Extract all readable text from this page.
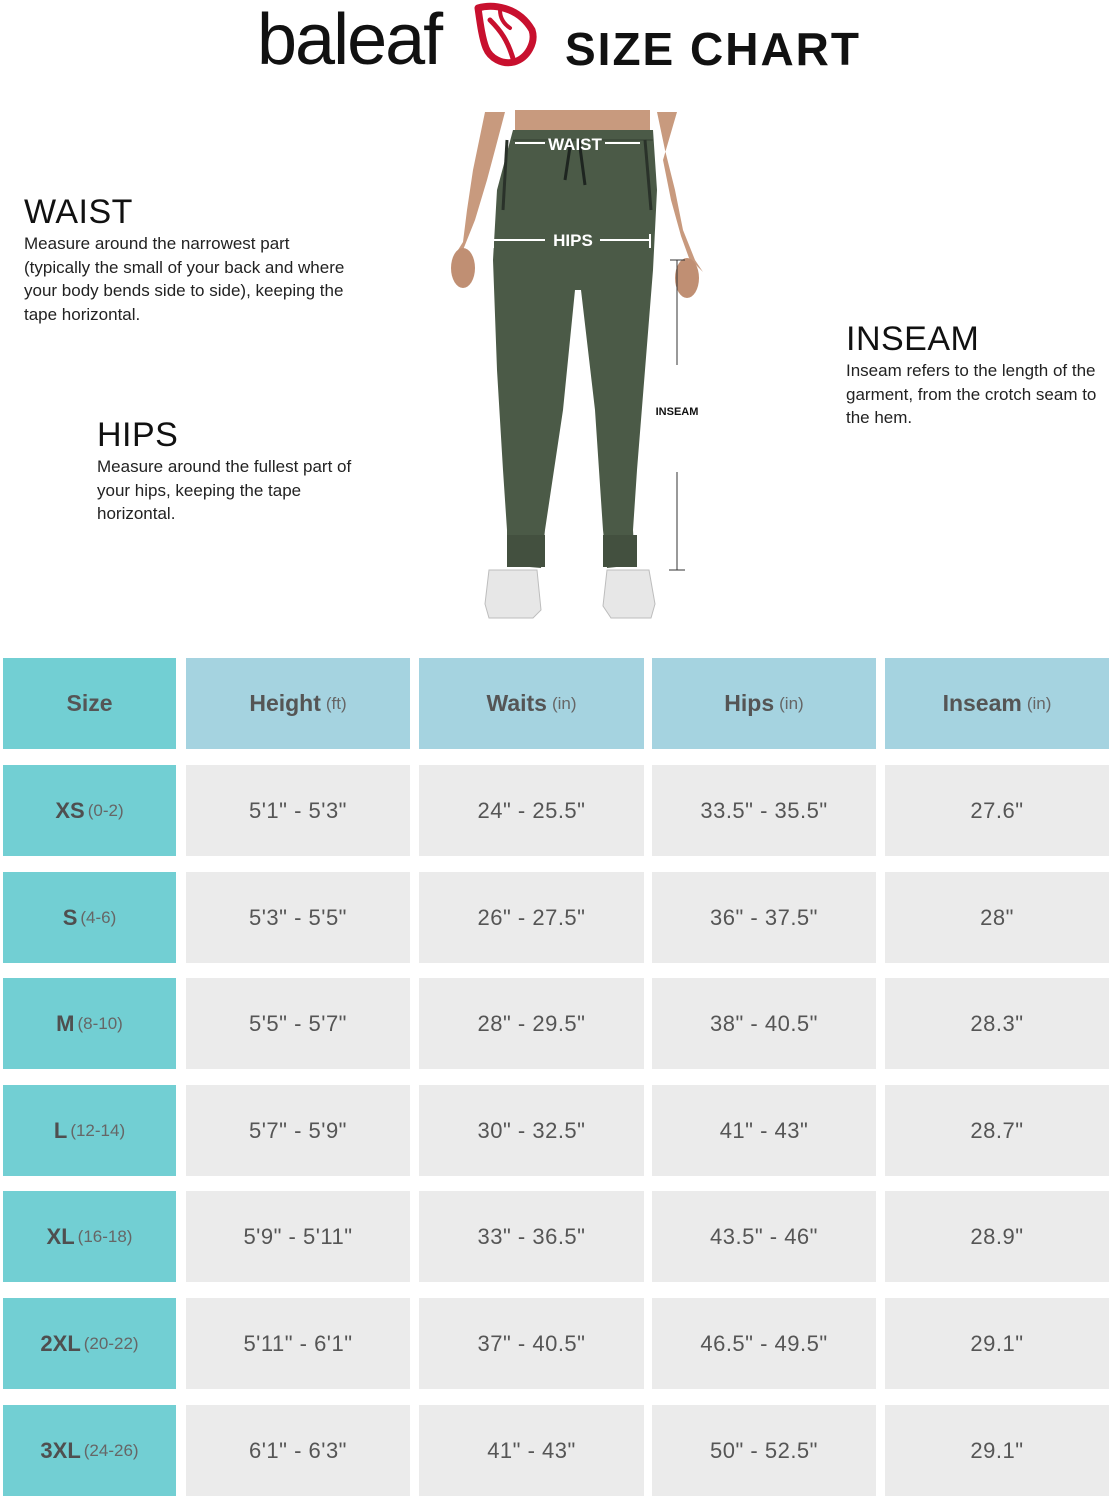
baleaf	SIZE CHART
WAIST

Measure around the narrowest part (typically the small of your back and where your body bends side to side), keeping the tape horizontal.

HIPS

Measure around the fullest part of your hips, keeping the tape horizontal.

INSEAM

Inseam refers to the length of the garment, from the crotch seam to the hem.

WAIST
HIPS
INSEAM
Size	Height (ft)	Waits (in)	Hips (in)	Inseam (in)
XS (0-2)	5'1" - 5'3"	24" - 25.5"	33.5" - 35.5"	27.6"
S (4-6)	5'3" - 5'5"	26" - 27.5"	36" - 37.5"	28"
M (8-10)	5'5" - 5'7"	28" - 29.5"	38" - 40.5"	28.3"
L (12-14)	5'7" - 5'9"	30" - 32.5"	41" - 43"	28.7"
XL (16-18)	5'9" - 5'11"	33" - 36.5"	43.5" - 46"	28.9"
2XL (20-22)	5'11" - 6'1"	37" - 40.5"	46.5" - 49.5"	29.1"
3XL (24-26)	6'1" - 6'3"	41" - 43"	50" - 52.5"	29.1"
